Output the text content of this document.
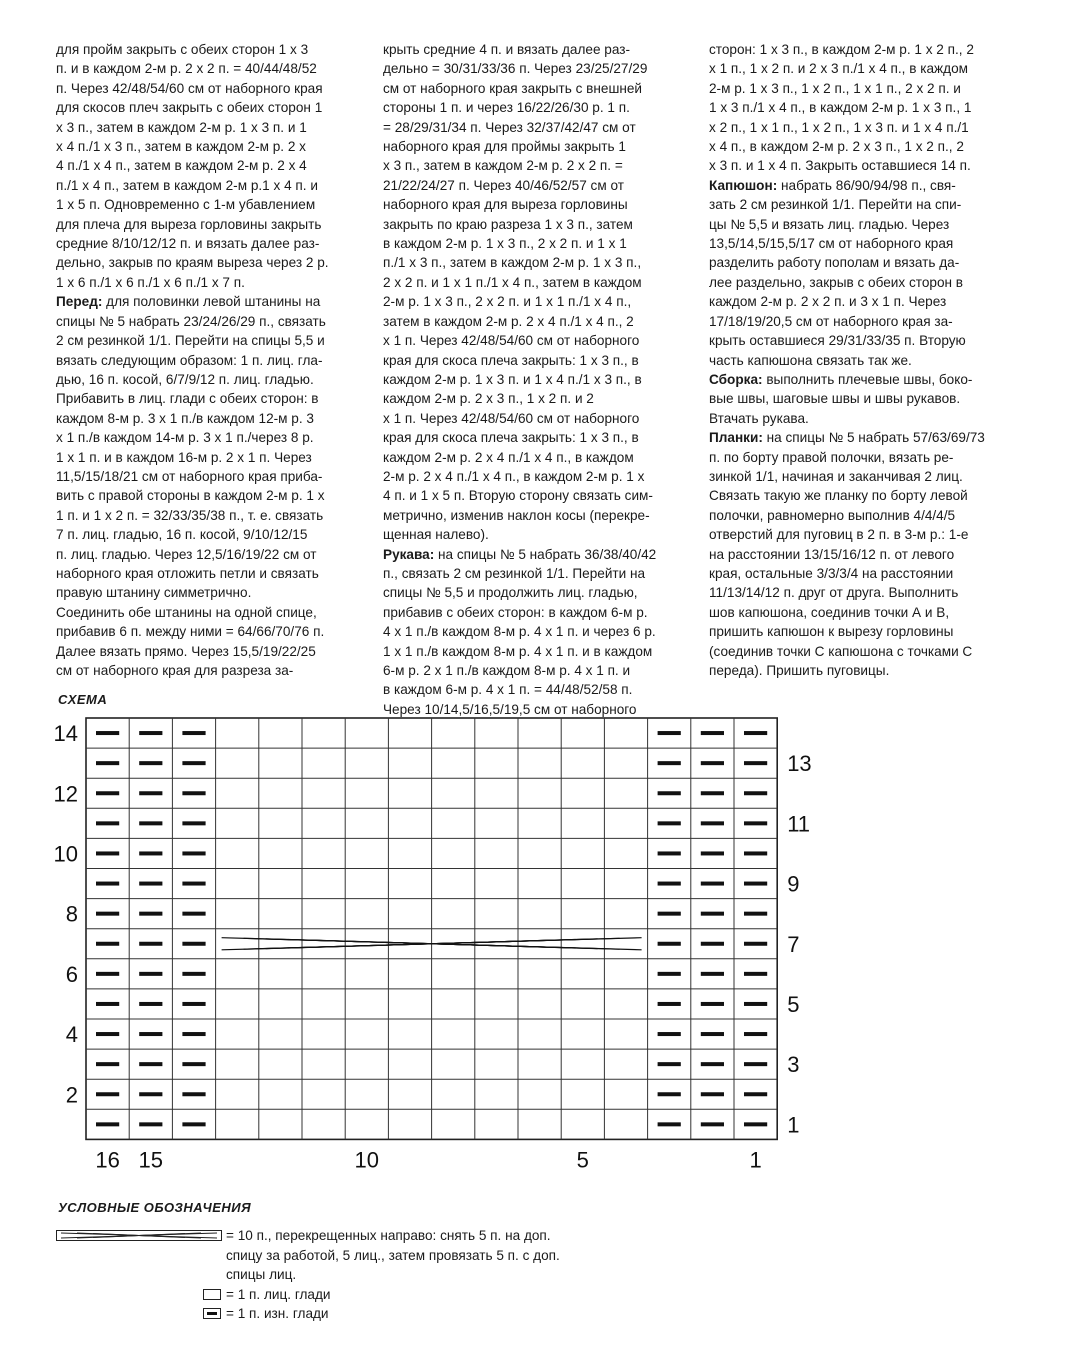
для пройм закрыть с обеих сторон 1 х 3
п. и в каждом 2-м р. 2 х 2 п. = 40/44/48/52
п. Через 42/48/54/60 см от наборного края
для скосов плеч закрыть с обеих сторон 1
х 3 п., затем в каждом 2-м р. 1 х 3 п. и 1
х 4 п./1 х 3 п., затем в каждом 2-м р. 2 х
4 п./1 х 4 п., затем в каждом 2-м р. 2 х 4
п./1 х 4 п., затем в каждом 2-м р.1 х 4 п. и
1 х 5 п. Одновременно с 1-м убавлением
для плеча для выреза горловины закрыть
средние 8/10/12/12 п. и вязать далее раз-
дельно, закрыв по краям выреза через 2 р.
1 х 6 п./1 х 6 п./1 х 6 п./1 х 7 п.

Перед: для половинки левой штанины на
спицы № 5 набрать 23/24/26/29 п., связать
2 см резинкой 1/1. Перейти на спицы 5,5 и
вязать следующим образом: 1 п. лиц. гла-
дью, 16 п. косой, 6/7/9/12 п. лиц. гладью.
Прибавить в лиц. глади с обеих сторон: в
каждом 8-м р. 3 х 1 п./в каждом 12-м р. 3
х 1 п./в каждом 14-м р. 3 х 1 п./через 8 р.
1 х 1 п. и в каждом 16-м р. 2 х 1 п. Через
11,5/15/18/21 см от наборного края приба-
вить с правой стороны в каждом 2-м р. 1 х
1 п. и 1 х 2 п. = 32/33/35/38 п., т. е. связать
7 п. лиц. гладью, 16 п. косой, 9/10/12/15
п. лиц. гладью. Через 12,5/16/19/22 см от
наборного края отложить петли и связать
правую штанину симметрично.

Соединить обе штанины на одной спице,
прибавив 6 п. между ними = 64/66/70/76 п.
Далее вязать прямо. Через 15,5/19/22/25
см от наборного края для разреза за-

крыть средние 4 п. и вязать далее раз-
дельно = 30/31/33/36 п. Через 23/25/27/29
см от наборного края закрыть с внешней
стороны 1 п. и через 16/22/26/30 р. 1 п.
= 28/29/31/34 п. Через 32/37/42/47 см от
наборного края для проймы закрыть 1
х 3 п., затем в каждом 2-м р. 2 х 2 п. =
21/22/24/27 п. Через 40/46/52/57 см от
наборного края для выреза горловины
закрыть по краю разреза 1 х 3 п., затем
в каждом 2-м р. 1 х 3 п., 2 х 2 п. и 1 х 1
п./1 х 3 п., затем в каждом 2-м р. 1 х 3 п.,
2 х 2 п. и 1 х 1 п./1 х 4 п., затем в каждом
2-м р. 1 х 3 п., 2 х 2 п. и 1 х 1 п./1 х 4 п.,
затем в каждом 2-м р. 2 х 4 п./1 х 4 п., 2
х 1 п. Через 42/48/54/60 см от наборного
края для скоса плеча закрыть: 1 х 3 п., в
каждом 2-м р. 1 х 3 п. и 1 х 4 п./1 х 3 п., в
каждом 2-м р. 2 х 3 п., 1 х 2 п. и 2
х 1 п. Через 42/48/54/60 см от наборного
края для скоса плеча закрыть: 1 х 3 п., в
каждом 2-м р. 2 х 4 п./1 х 4 п., в каждом
2-м р. 2 х 4 п./1 х 4 п., в каждом 2-м р. 1 х
4 п. и 1 х 5 п. Вторую сторону связать сим-
метрично, изменив наклон косы (перекре-
щенная налево).

Рукава: на спицы № 5 набрать 36/38/40/42
п., связать 2 см резинкой 1/1. Перейти на
спицы № 5,5 и продолжить лиц. гладью,
прибавив с обеих сторон: в каждом 6-м р.
4 х 1 п./в каждом 8-м р. 4 х 1 п. и через 6 р.
1 х 1 п./в каждом 8-м р. 4 х 1 п. и в каждом
6-м р. 2 х 1 п./в каждом 8-м р. 4 х 1 п. и
в каждом 6-м р. 4 х 1 п. = 44/48/52/58 п.
Через 10/14,5/16,5/19,5 см от наборного

сторон: 1 х 3 п., в каждом 2-м р. 1 х 2 п., 2
х 1 п., 1 х 2 п. и 2 х 3 п./1 х 4 п., в каждом
2-м р. 1 х 3 п., 1 х 2 п., 1 х 1 п., 2 х 2 п. и
1 х 3 п./1 х 4 п., в каждом 2-м р. 1 х 3 п., 1
х 2 п., 1 х 1 п., 1 х 2 п., 1 х 3 п. и 1 х 4 п./1
х 4 п., в каждом 2-м р. 2 х 3 п., 1 х 2 п., 2
х 3 п. и 1 х 4 п. Закрыть оставшиеся 14 п.

Капюшон: набрать 86/90/94/98 п., свя-
зать 2 см резинкой 1/1. Перейти на спи-
цы № 5,5 и вязать лиц. гладью. Через
13,5/14,5/15,5/17 см от наборного края
разделить работу пополам и вязать да-
лее раздельно, закрыв с обеих сторон в
каждом 2-м р. 2 х 2 п. и 3 х 1 п. Через
17/18/19/20,5 см от наборного края за-
крыть оставшиеся 29/31/33/35 п. Вторую
часть капюшона связать так же.

Сборка: выполнить плечевые швы, боко-
вые швы, шаговые швы и швы рукавов.
Втачать рукава.

Планки: на спицы № 5 набрать 57/63/69/73
п. по борту правой полочки, вязать ре-
зинкой 1/1, начиная и заканчивая 2 лиц.
Связать такую же планку по борту левой
полочки, равномерно выполнив 4/4/4/5
отверстий для пуговиц в 2 п. в 3-м р.: 1-е
на расстоянии 13/15/16/12 п. от левого
края, остальные 3/3/3/4 на расстоянии
11/13/14/12 п. друг от друга. Выполнить
шов капюшона, соединив точки А и В,
пришить капюшон к вырезу горловины
(соединив точки С капюшона с точками С
переда). Пришить пуговицы.

СХЕМА
14
12
10
8
6
4
2
13
11
9
7
5
3
1
16 15	10	5	1
УСЛОВНЫЕ ОБОЗНАЧЕНИЯ
= 10 п., перекрещенных направо: снять 5 п. на доп.
спицу за работой, 5 лиц., затем провязать 5 п. с доп.
спицы лиц.
= 1 п. лиц. глади
= 1 п. изн. глади
